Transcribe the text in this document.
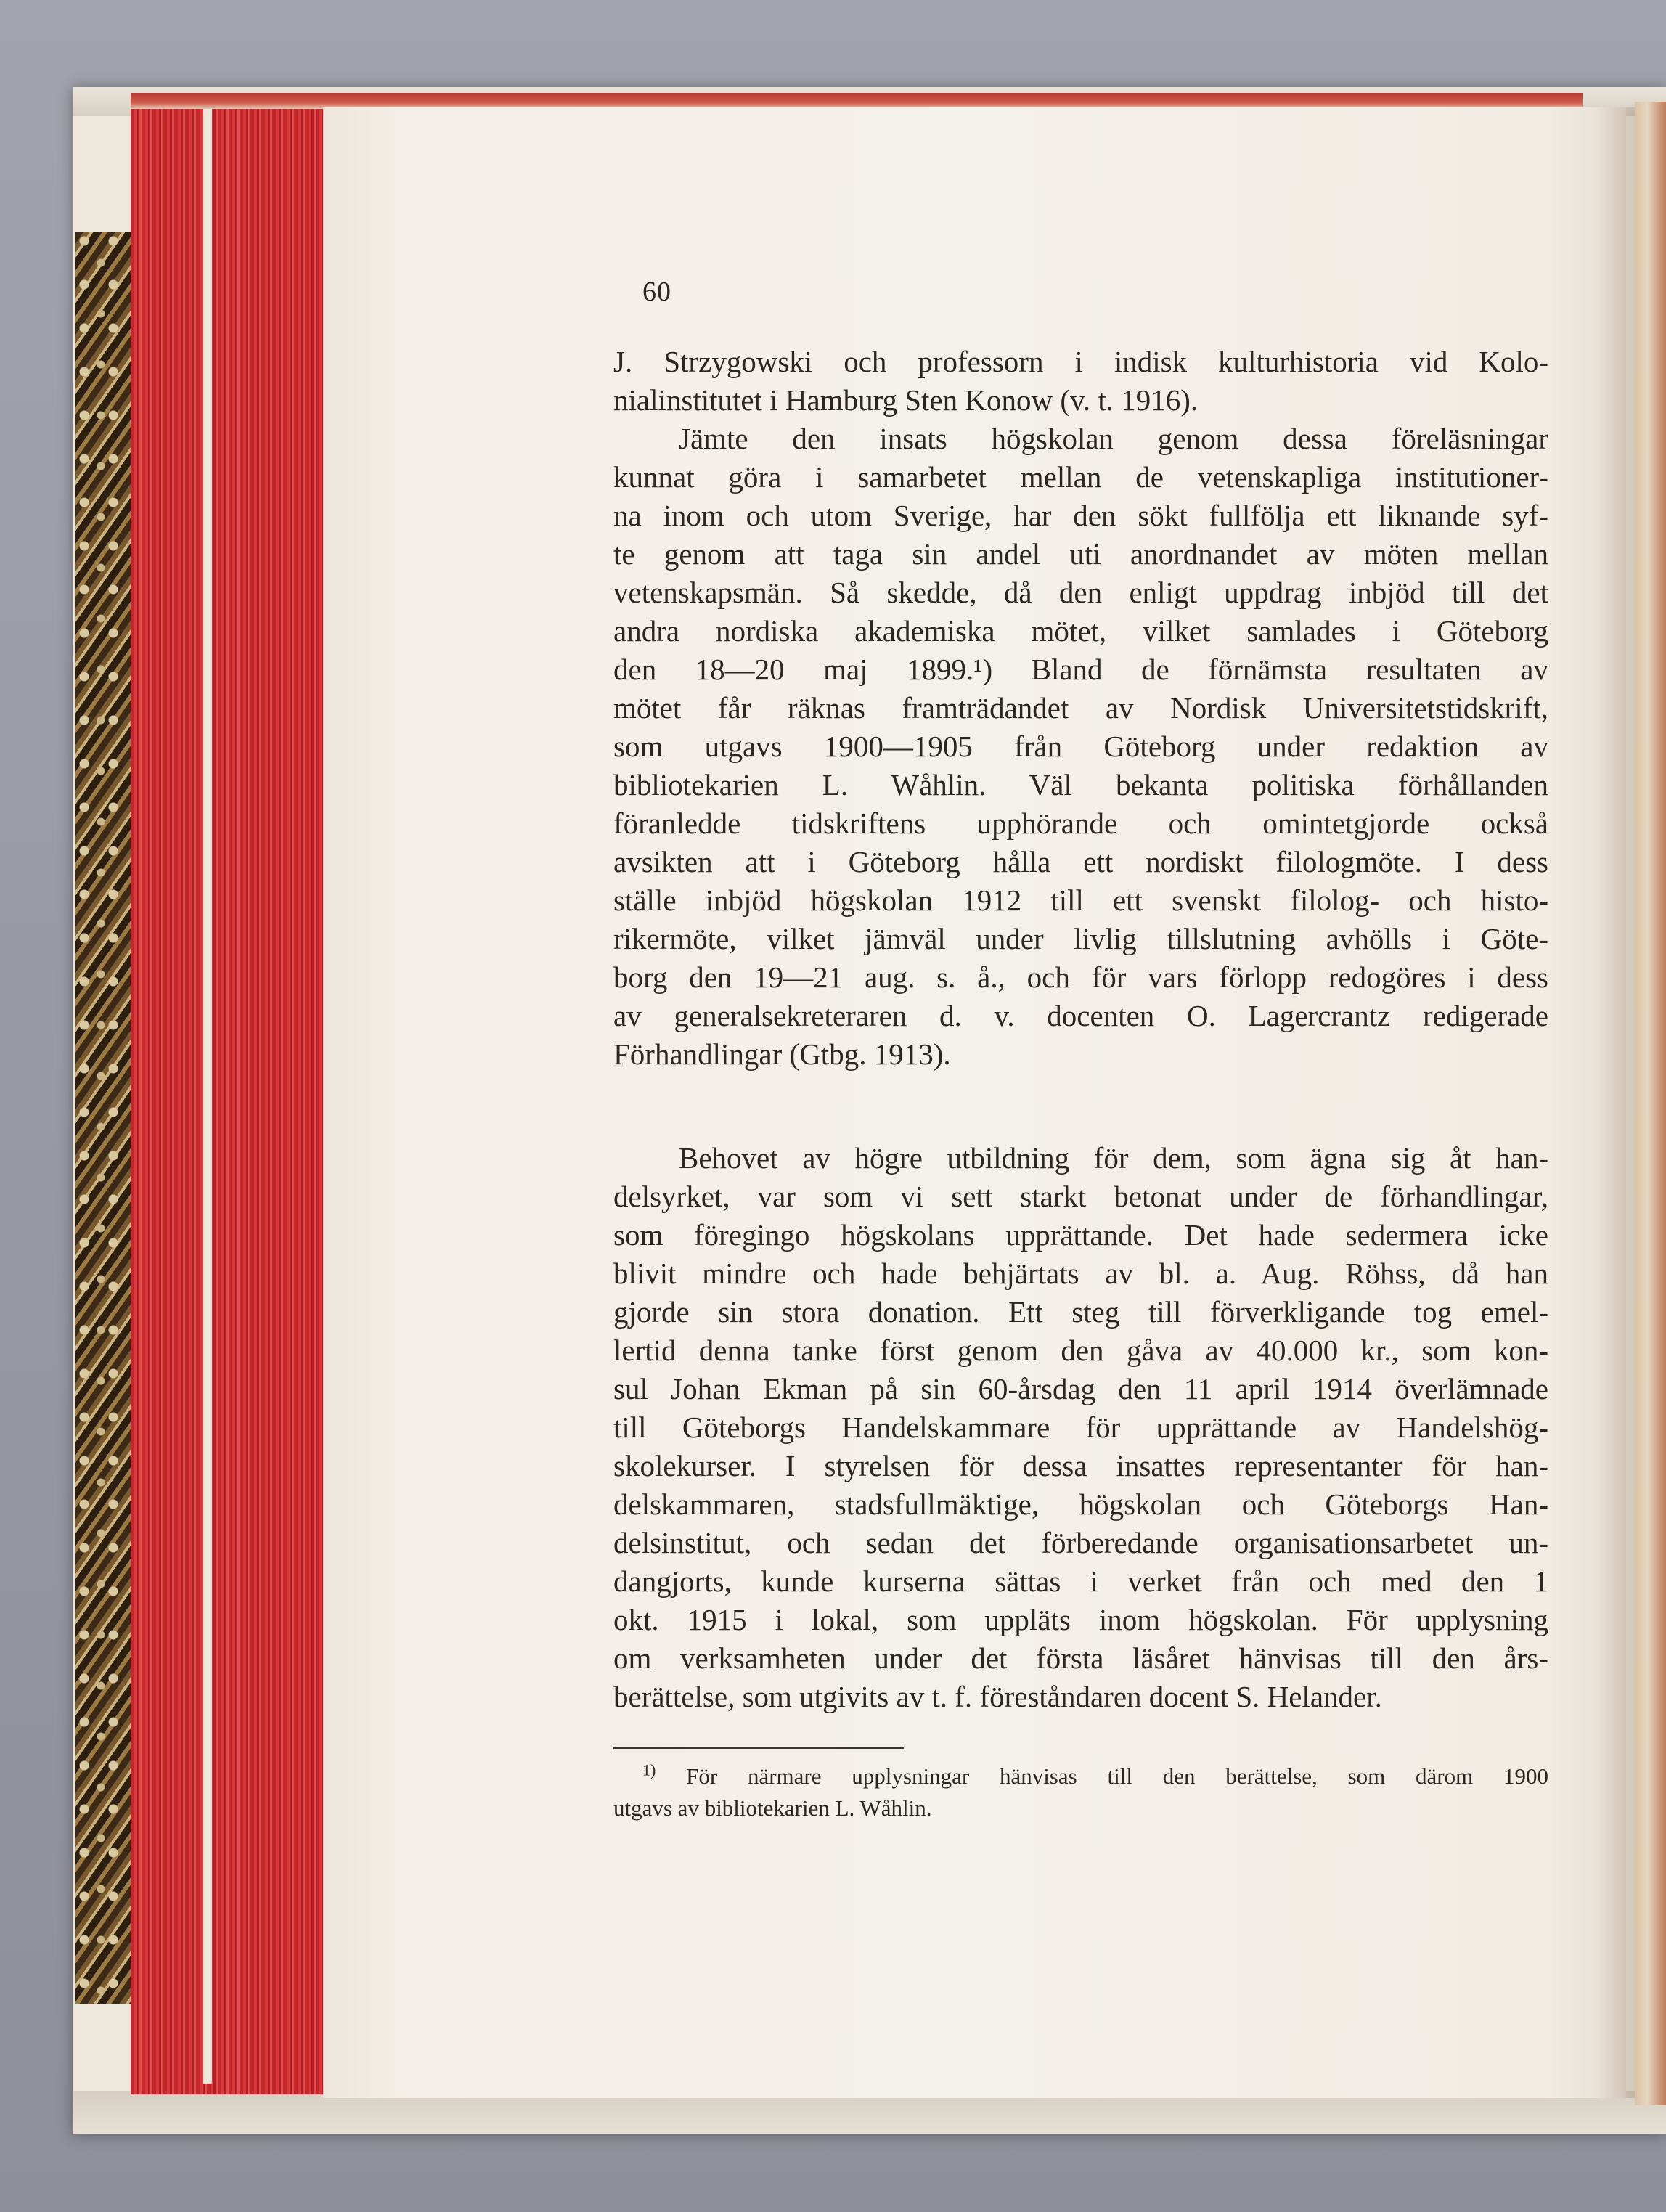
60
J. Strzygowski och professorn i indisk kulturhistoria vid Kolo-
nialinstitutet i Hamburg Sten Konow (v. t. 1916).
Jämte den insats högskolan genom dessa föreläsningar
kunnat göra i samarbetet mellan de vetenskapliga institutioner-
na inom och utom Sverige, har den sökt fullfölja ett liknande syf-
te genom att taga sin andel uti anordnandet av möten mellan
vetenskapsmän. Så skedde, då den enligt uppdrag inbjöd till det
andra nordiska akademiska mötet, vilket samlades i Göteborg
den 18—20 maj 1899.¹) Bland de förnämsta resultaten av
mötet får räknas framträdandet av Nordisk Universitetstidskrift,
som utgavs 1900—1905 från Göteborg under redaktion av
bibliotekarien L. Wåhlin. Väl bekanta politiska förhållanden
föranledde tidskriftens upphörande och omintetgjorde också
avsikten att i Göteborg hålla ett nordiskt filologmöte. I dess
ställe inbjöd högskolan 1912 till ett svenskt filolog- och histo-
rikermöte, vilket jämväl under livlig tillslutning avhölls i Göte-
borg den 19—21 aug. s. å., och för vars förlopp redogöres i dess
av generalsekreteraren d. v. docenten O. Lagercrantz redigerade
Förhandlingar (Gtbg. 1913).
Behovet av högre utbildning för dem, som ägna sig åt han-
delsyrket, var som vi sett starkt betonat under de förhandlingar,
som föregingo högskolans upprättande. Det hade sedermera icke
blivit mindre och hade behjärtats av bl. a. Aug. Röhss, då han
gjorde sin stora donation. Ett steg till förverkligande tog emel-
lertid denna tanke först genom den gåva av 40.000 kr., som kon-
sul Johan Ekman på sin 60-årsdag den 11 april 1914 överlämnade
till Göteborgs Handelskammare för upprättande av Handelshög-
skolekurser. I styrelsen för dessa insattes representanter för han-
delskammaren, stadsfullmäktige, högskolan och Göteborgs Han-
delsinstitut, och sedan det förberedande organisationsarbetet un-
dangjorts, kunde kurserna sättas i verket från och med den 1
okt. 1915 i lokal, som uppläts inom högskolan. För upplysning
om verksamheten under det första läsåret hänvisas till den års-
berättelse, som utgivits av t. f. föreståndaren docent S. Helander.
$^{1)}$ För närmare upplysningar hänvisas till den berättelse, som därom 1900
utgavs av bibliotekarien L. Wåhlin.
